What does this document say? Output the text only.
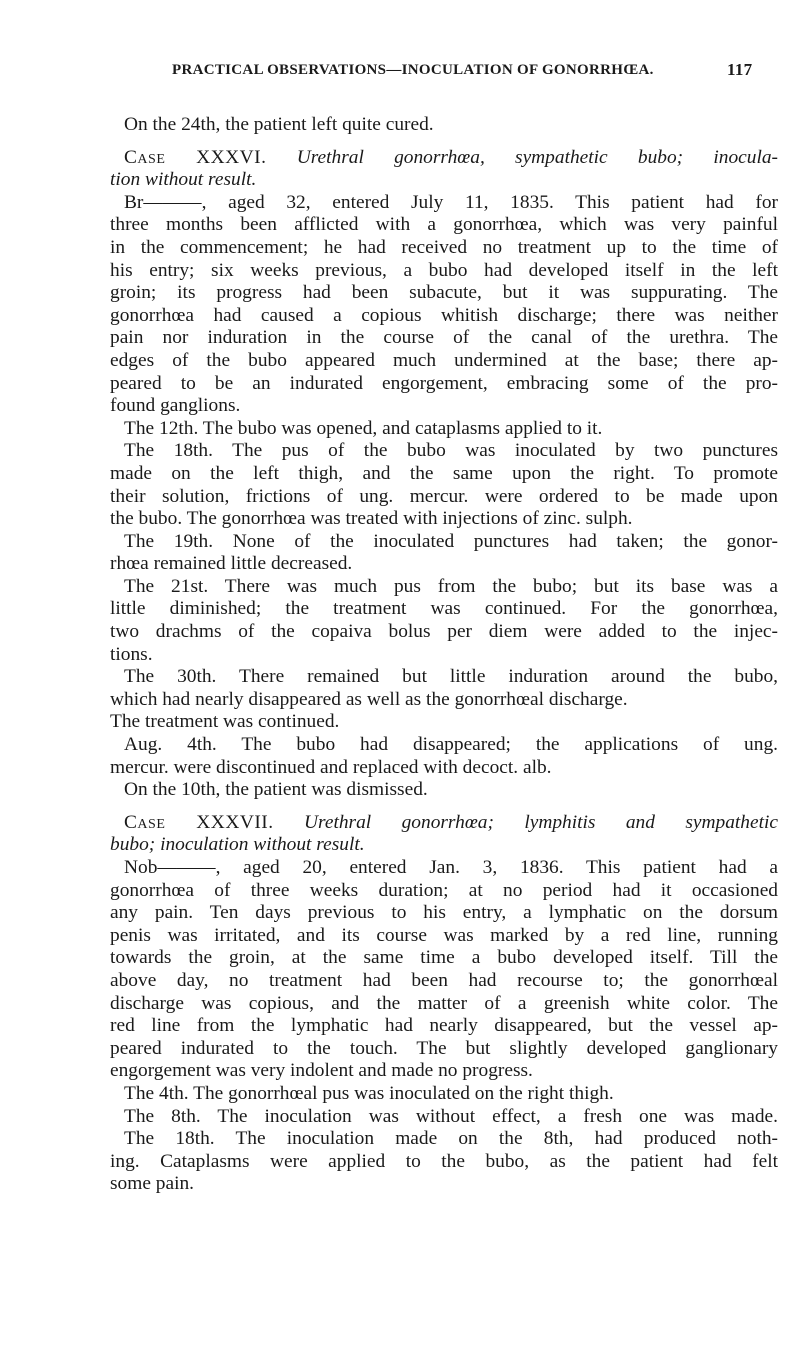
PRACTICAL OBSERVATIONS—INOCULATION OF GONORRHŒA.	117
On the 24th, the patient left quite cured.
Case XXXVI. Urethral gonorrhœa, sympathetic bubo; inocula-
tion without result.
Br———, aged 32, entered July 11, 1835. This patient had for
three months been afflicted with a gonorrhœa, which was very painful
in the commencement; he had received no treatment up to the time of
his entry; six weeks previous, a bubo had developed itself in the left
groin; its progress had been subacute, but it was suppurating. The
gonorrhœa had caused a copious whitish discharge; there was neither
pain nor induration in the course of the canal of the urethra. The
edges of the bubo appeared much undermined at the base; there ap-
peared to be an indurated engorgement, embracing some of the pro-
found ganglions.
The 12th. The bubo was opened, and cataplasms applied to it.
The 18th. The pus of the bubo was inoculated by two punctures
made on the left thigh, and the same upon the right. To promote
their solution, frictions of ung. mercur. were ordered to be made upon
the bubo. The gonorrhœa was treated with injections of zinc. sulph.
The 19th. None of the inoculated punctures had taken; the gonor-
rhœa remained little decreased.
The 21st. There was much pus from the bubo; but its base was a
little diminished; the treatment was continued. For the gonorrhœa,
two drachms of the copaiva bolus per diem were added to the injec-
tions.
The 30th. There remained but little induration around the bubo,
which had nearly disappeared as well as the gonorrhœal discharge.
The treatment was continued.
Aug. 4th. The bubo had disappeared; the applications of ung.
mercur. were discontinued and replaced with decoct. alb.
On the 10th, the patient was dismissed.
Case XXXVII. Urethral gonorrhœa; lymphitis and sympathetic
bubo; inoculation without result.
Nob———, aged 20, entered Jan. 3, 1836. This patient had a
gonorrhœa of three weeks duration; at no period had it occasioned
any pain. Ten days previous to his entry, a lymphatic on the dorsum
penis was irritated, and its course was marked by a red line, running
towards the groin, at the same time a bubo developed itself. Till the
above day, no treatment had been had recourse to; the gonorrhœal
discharge was copious, and the matter of a greenish white color. The
red line from the lymphatic had nearly disappeared, but the vessel ap-
peared indurated to the touch. The but slightly developed ganglionary
engorgement was very indolent and made no progress.
The 4th. The gonorrhœal pus was inoculated on the right thigh.
The 8th. The inoculation was without effect, a fresh one was made.
The 18th. The inoculation made on the 8th, had produced noth-
ing. Cataplasms were applied to the bubo, as the patient had felt
some pain.
